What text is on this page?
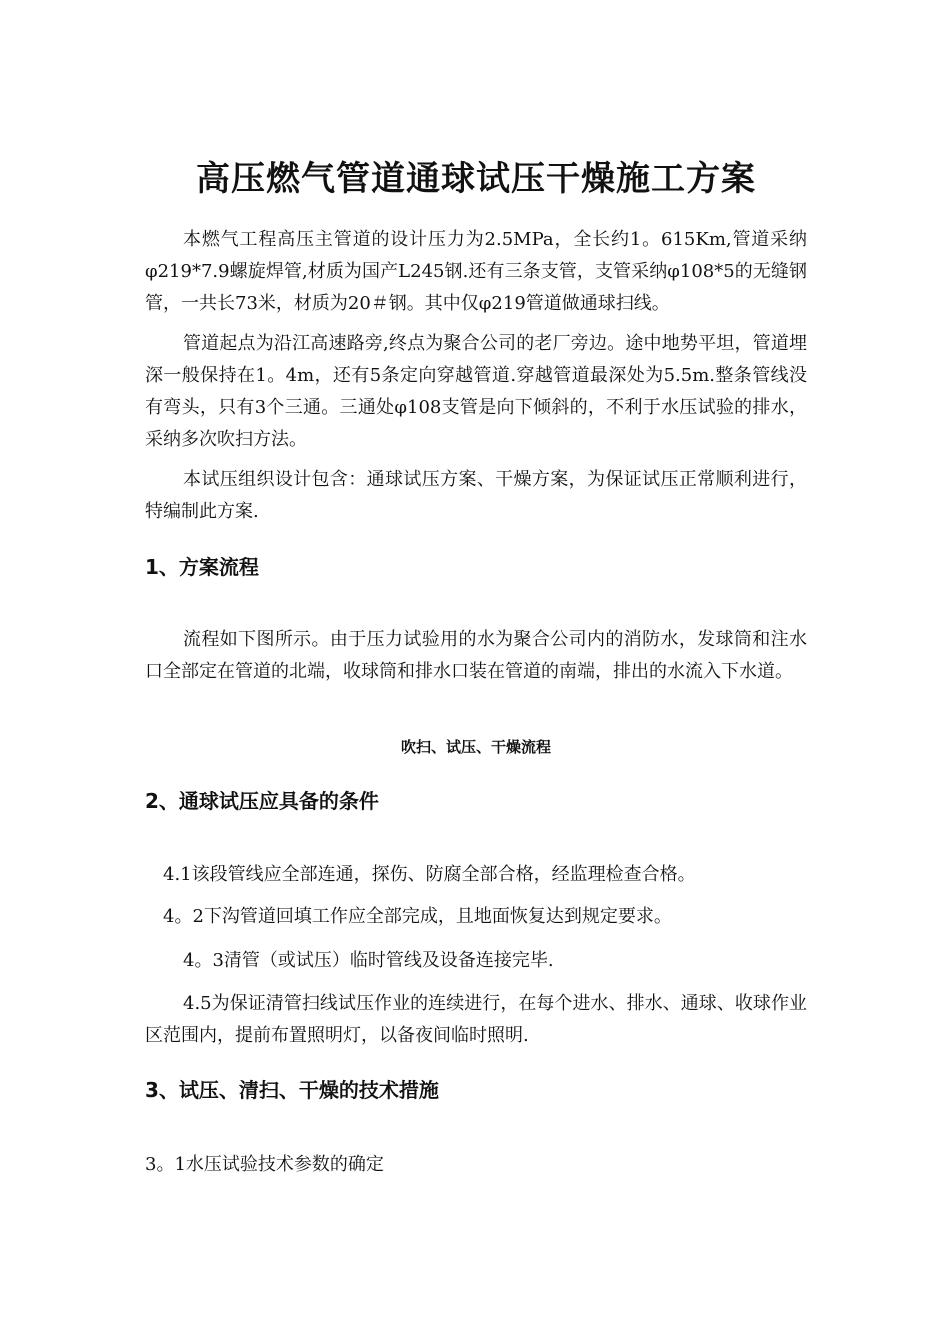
高压燃气管道通球试压干燥施工方案

本燃气工程高压主管道的设计压力为2.5MPa，全长约1。615Km,管道采纳φ219*7.9螺旋焊管,材质为国产L245钢.还有三条支管，支管采纳φ108*5的无缝钢管，一共长73米，材质为20＃钢。其中仅φ219管道做通球扫线。

管道起点为沿江高速路旁,终点为聚合公司的老厂旁边。途中地势平坦，管道埋深一般保持在1。4m，还有5条定向穿越管道.穿越管道最深处为5.5m.整条管线没有弯头，只有3个三通。三通处φ108支管是向下倾斜的，不利于水压试验的排水，采纳多次吹扫方法。

本试压组织设计包含：通球试压方案、干燥方案，为保证试压正常顺利进行，特编制此方案.

1、方案流程

流程如下图所示。由于压力试验用的水为聚合公司内的消防水，发球筒和注水口全部定在管道的北端，收球筒和排水口装在管道的南端，排出的水流入下水道。

吹扫、试压、干燥流程

2、通球试压应具备的条件

4.1该段管线应全部连通，探伤、防腐全部合格，经监理检查合格。

4。2下沟管道回填工作应全部完成，且地面恢复达到规定要求。

4。3清管（或试压）临时管线及设备连接完毕.

4.5为保证清管扫线试压作业的连续进行，在每个进水、排水、通球、收球作业区范围内，提前布置照明灯，以备夜间临时照明.

3、试压、清扫、干燥的技术措施

3。1水压试验技术参数的确定
